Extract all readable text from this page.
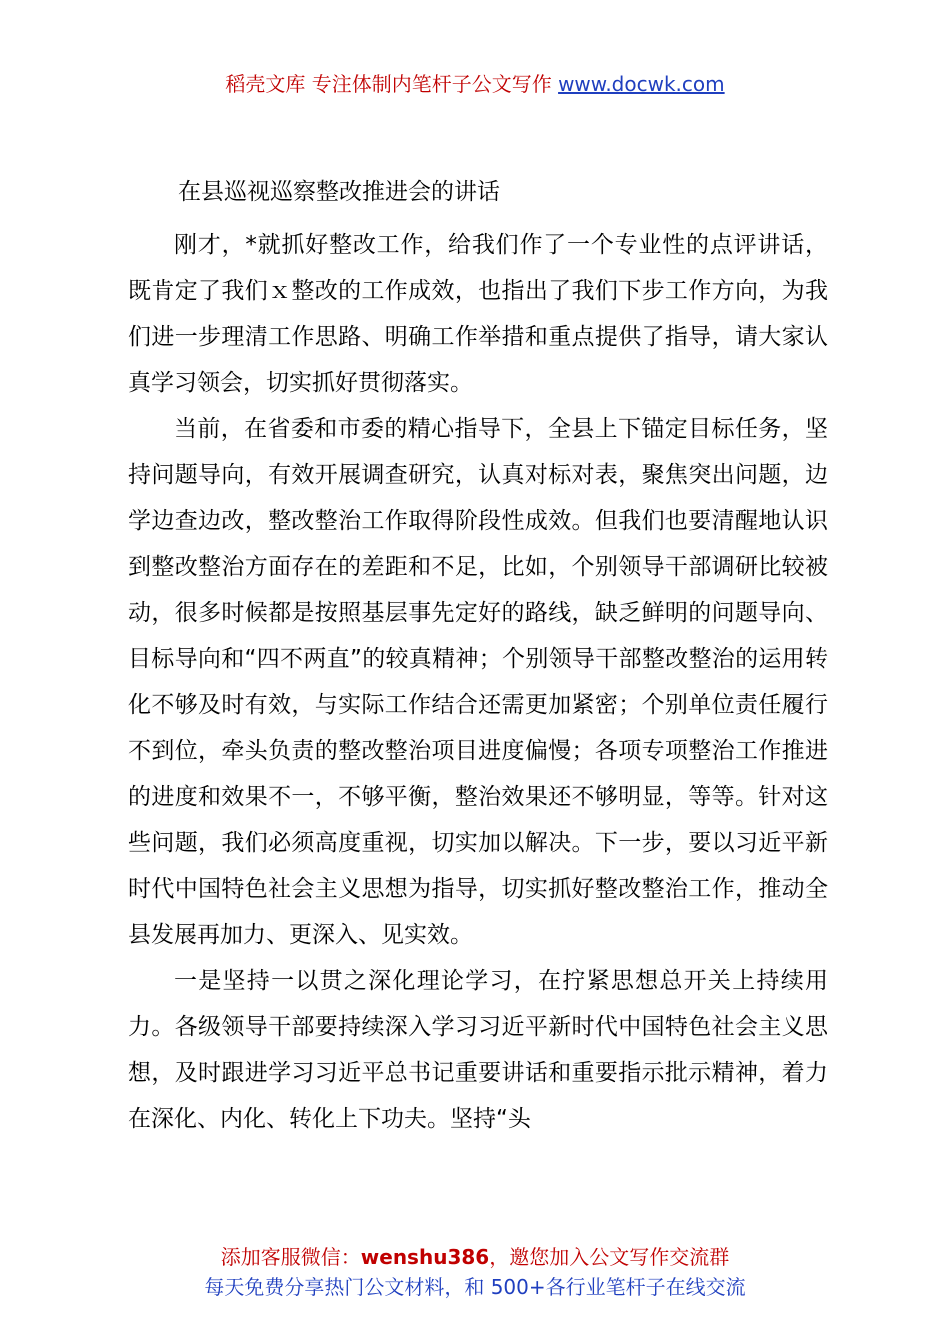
稻壳文库 专注体制内笔杆子公文写作 www.docwk.com
在县巡视巡察整改推进会的讲话

刚才，*就抓好整改工作，给我们作了一个专业性的点评讲话，既肯定了我们ｘ整改的工作成效，也指出了我们下步工作方向，为我们进一步理清工作思路、明确工作举措和重点提供了指导，请大家认真学习领会，切实抓好贯彻落实。

当前，在省委和市委的精心指导下，全县上下锚定目标任务，坚持问题导向，有效开展调查研究，认真对标对表，聚焦突出问题，边学边查边改，整改整治工作取得阶段性成效。但我们也要清醒地认识到整改整治方面存在的差距和不足，比如，个别领导干部调研比较被动，很多时候都是按照基层事先定好的路线，缺乏鲜明的问题导向、目标导向和“四不两直”的较真精神；个别领导干部整改整治的运用转化不够及时有效，与实际工作结合还需更加紧密；个别单位责任履行不到位，牵头负责的整改整治项目进度偏慢；各项专项整治工作推进的进度和效果不一，不够平衡，整治效果还不够明显，等等。针对这些问题，我们必须高度重视，切实加以解决。下一步，要以习近平新时代中国特色社会主义思想为指导，切实抓好整改整治工作，推动全县发展再加力、更深入、见实效。

一是坚持一以贯之深化理论学习，在拧紧思想总开关上持续用力。各级领导干部要持续深入学习习近平新时代中国特色社会主义思想，及时跟进学习习近平总书记重要讲话和重要指示批示精神，着力在深化、内化、转化上下功夫。坚持“头

添加客服微信：wenshu386，邀您加入公文写作交流群
每天免费分享热门公文材料，和 500+各行业笔杆子在线交流
